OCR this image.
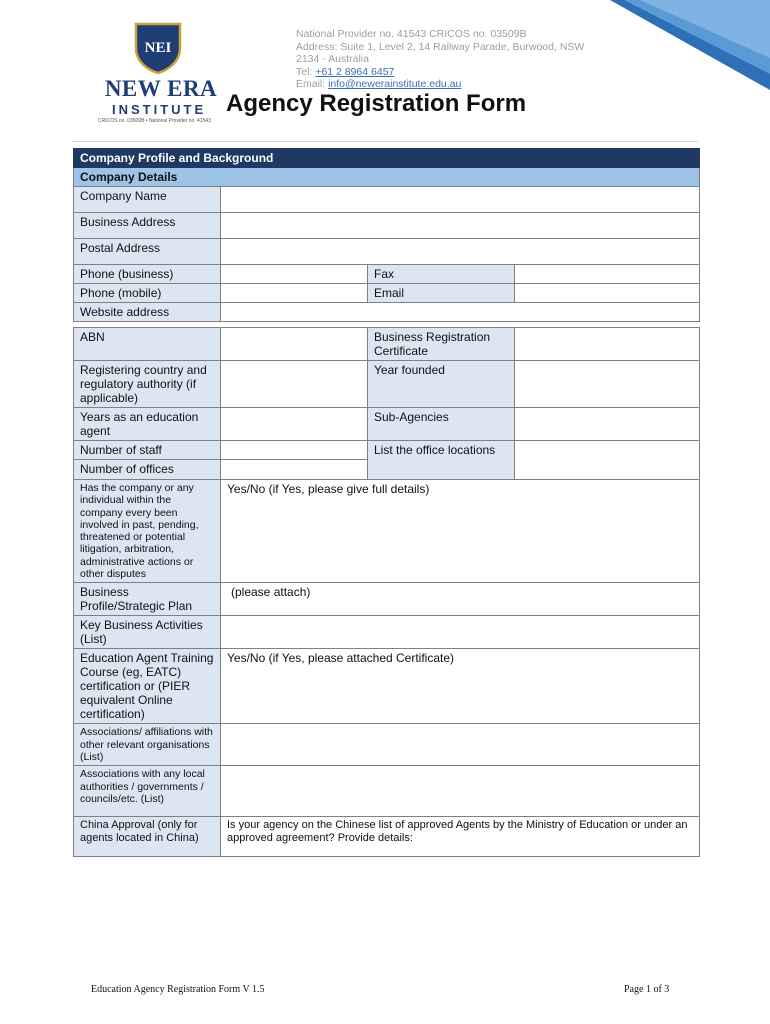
NEI
NEW ERA
INSTITUTE
CRICOS no. 03509B • National Provider no. 41543
National Provider no. 41543 CRICOS no. 03509B
Address: Suite 1, Level 2, 14 Railway Parade, Burwood, NSW
2134 - Australia
Tel: +61 2 8964 6457
Email: info@newerainstitute.edu.au
Agency Registration Form
Company Profile and Background			
Company Details			
Company Name			
Business Address			
Postal Address			
Phone (business)		Fax	
Phone (mobile)		Email	
Website address			
ABN		Business Registration Certificate	
Registering country and regulatory authority (if applicable)		Year founded	

Years as an education agent		Sub-Agencies	
Number of staff		List the office locations	
Number of offices			
Has the company or any individual within the company every been involved in past, pending, threatened or potential litigation, arbitration, administrative actions or other disputes	Yes/No (if Yes, please give full details)		
Business Profile/Strategic Plan	(please attach)		
Key Business Activities (List)			
Education Agent Training Course (eg, EATC) certification or (PIER equivalent Online certification)	Yes/No (if Yes, please attached Certificate)		
Associations/ affiliations with other relevant organisations (List)			
Associations with any local authorities / governments / councils/etc. (List)			
China Approval (only for agents located in China)	Is your agency on the Chinese list of approved Agents by the Ministry of Education or under an approved agreement? Provide details:		
Education Agency Registration Form V 1.5	Page 1 of 3
